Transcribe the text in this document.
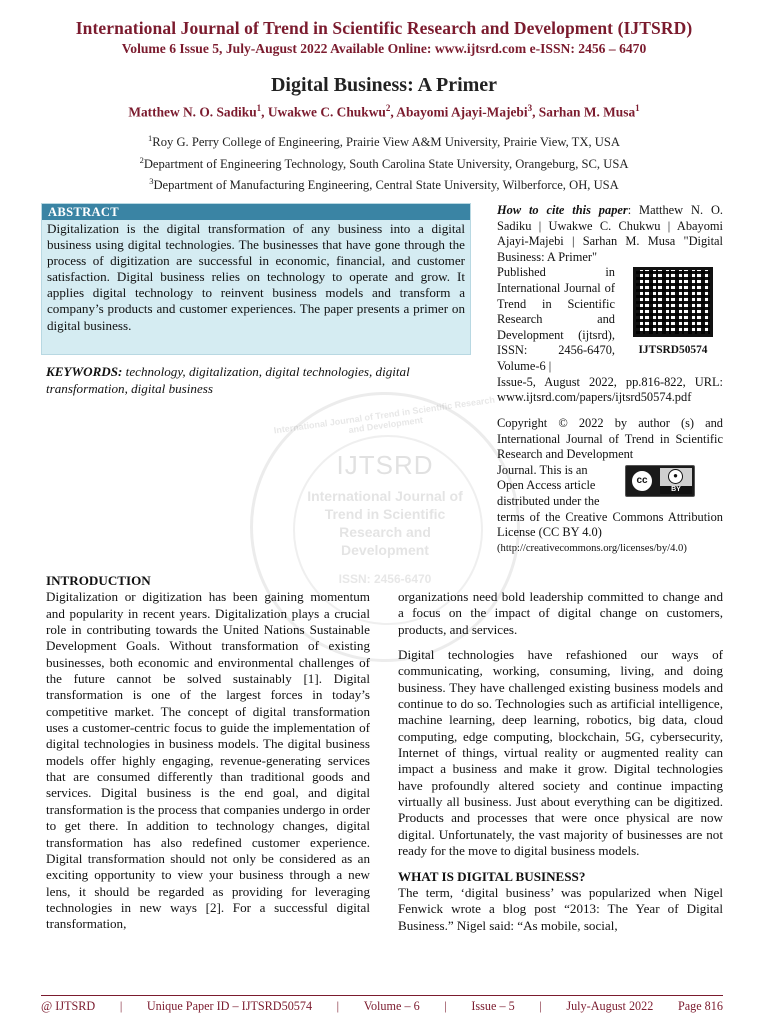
International Journal of Trend in Scientific Research and Development (IJTSRD)
Volume 6 Issue 5, July-August 2022 Available Online: www.ijtsrd.com e-ISSN: 2456 – 6470
Digital Business: A Primer
Matthew N. O. Sadiku$^1$, Uwakwe C. Chukwu$^2$, Abayomi Ajayi-Majebi$^3$, Sarhan M. Musa$^1$
$^1$Roy G. Perry College of Engineering, Prairie View A&M University, Prairie View, TX, USA
$^2$Department of Engineering Technology, South Carolina State University, Orangeburg, SC, USA
$^3$Department of Manufacturing Engineering, Central State University, Wilberforce, OH, USA
International Journal of Trend in Scientific Research and Development
IJTSRD
International Journal of Trend in Scientific Research and Development
ISSN: 2456-6470
ABSTRACT
Digitalization is the digital transformation of any business into a digital business using digital technologies. The businesses that have gone through the process of digitization are successful in economic, financial, and customer satisfaction. Digital business relies on technology to operate and grow. It applies digital technology to reinvent business models and transform a company’s products and customer experiences. The paper presents a primer on digital business.
KEYWORDS: technology, digitalization, digital technologies, digital transformation, digital business
How to cite this paper: Matthew N. O. Sadiku | Uwakwe C. Chukwu | Abayomi Ajayi-Majebi | Sarhan M. Musa "Digital Business: A Primer"
Published in International Journal of Trend in Scientific Research and Development (ijtsrd), ISSN: 2456-6470, Volume-6 |
IJTSRD50574
Issue-5, August 2022, pp.816-822, URL: www.ijtsrd.com/papers/ijtsrd50574.pdf
Copyright © 2022 by author (s) and International Journal of Trend in Scientific Research and Development
Journal. This is an Open Access article distributed under the
cc	●
BY
terms of the Creative Commons Attribution License (CC BY 4.0)
(http://creativecommons.org/licenses/by/4.0)
INTRODUCTION
Digitalization or digitization has been gaining momentum and popularity in recent years. Digitalization plays a crucial role in contributing towards the United Nations Sustainable Development Goals. Without transformation of existing businesses, both economic and environmental challenges of the future cannot be solved sustainably [1]. Digital transformation is one of the largest forces in today’s competitive market. The concept of digital transformation uses a customer-centric focus to guide the implementation of digital technologies in business models. The digital business models offer highly engaging, revenue-generating services that are consumed differently than traditional goods and services. Digital business is the end goal, and digital transformation is the process that companies undergo in order to get there. In addition to technology changes, digital transformation has also redefined customer experience. Digital transformation should not only be considered as an exciting opportunity to view your business through a new lens, it should be regarded as providing for leveraging technologies in new ways [2]. For a successful digital transformation,
organizations need bold leadership committed to change and a focus on the impact of digital change on customers, products, and services.
Digital technologies have refashioned our ways of communicating, working, consuming, living, and doing business. They have challenged existing business models and continue to do so. Technologies such as artificial intelligence, machine learning, deep learning, robotics, big data, cloud computing, edge computing, blockchain, 5G, cybersecurity, Internet of things, virtual reality or augmented reality can impact a business and make it grow. Digital technologies have profoundly altered society and continue impacting virtually all business. Just about everything can be digitized. Products and processes that were once physical are now digital. Unfortunately, the vast majority of businesses are not ready for the move to digital business models.
WHAT IS DIGITAL BUSINESS?
The term, ‘digital business’ was popularized when Nigel Fenwick wrote a blog post “2013: The Year of Digital Business.” Nigel said: “As mobile, social,
@ IJTSRD | Unique Paper ID – IJTSRD50574 | Volume – 6 | Issue – 5 | July-August 2022 Page 816
